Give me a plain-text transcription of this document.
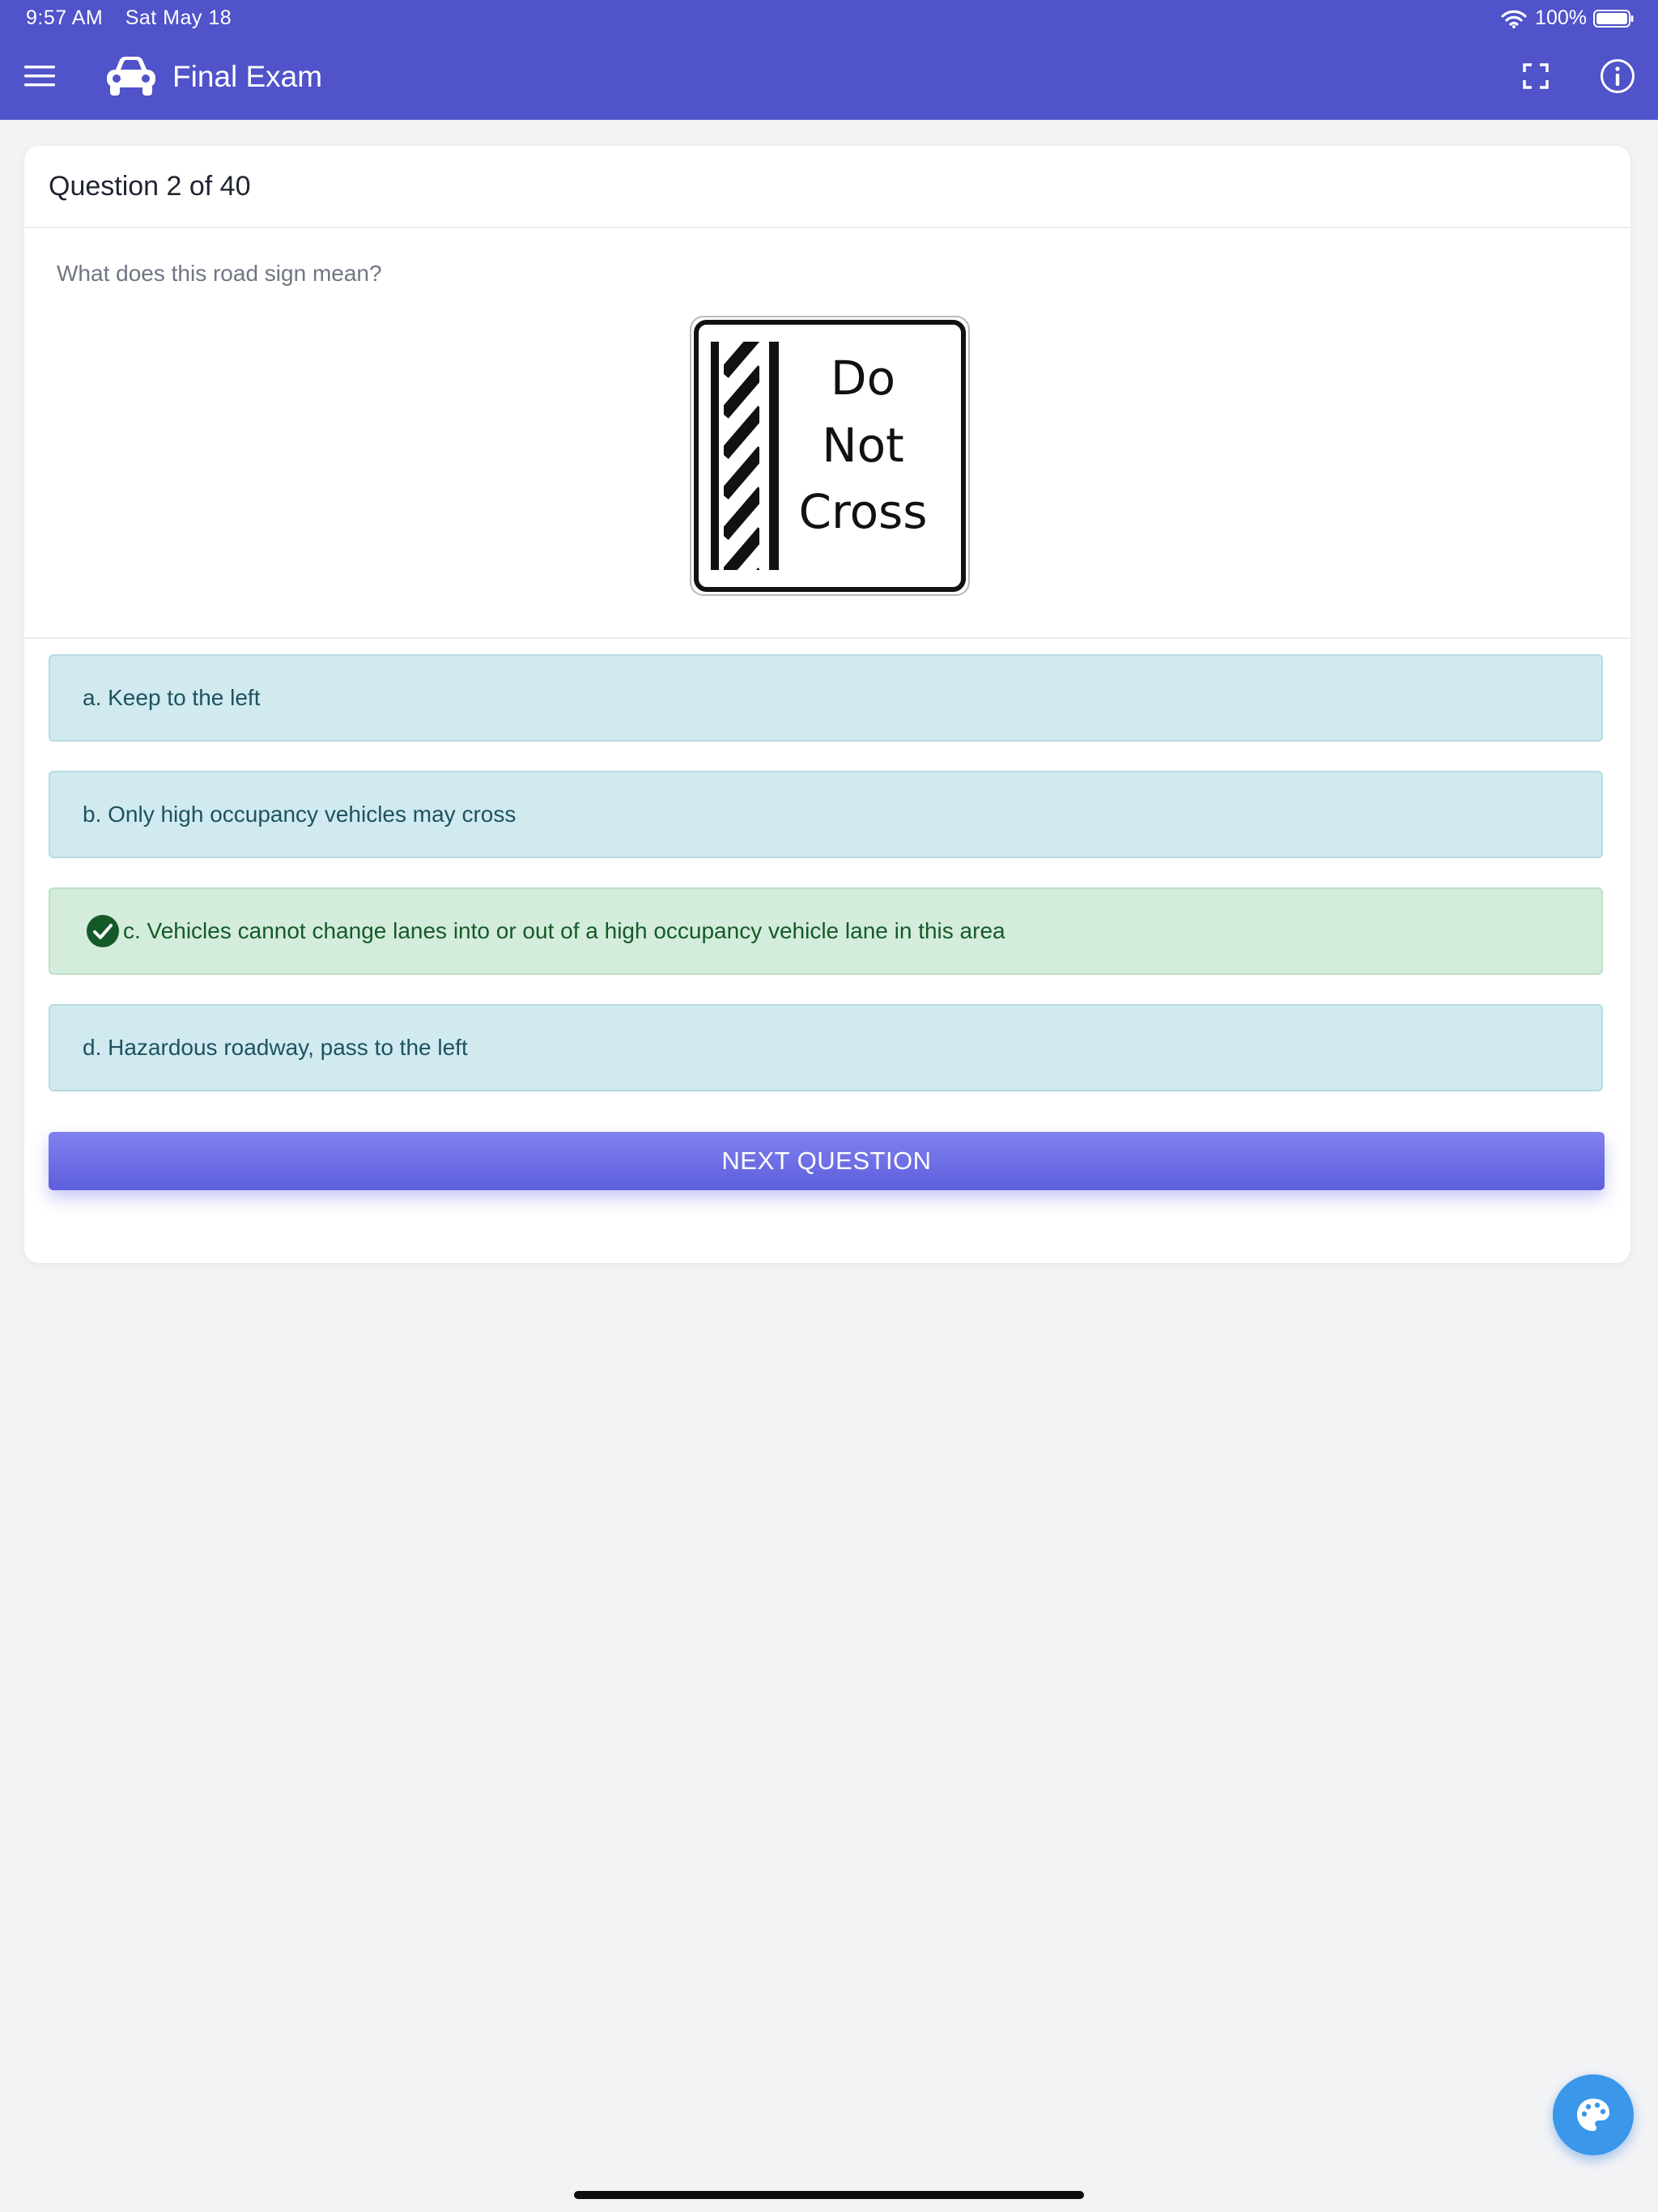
9:57 AM Sat May 18	100%
Final Exam
Question 2 of 40
What does this road sign mean?
Do
Not
Cross
a. Keep to the left
b. Only high occupancy vehicles may cross
c. Vehicles cannot change lanes into or out of a high occupancy vehicle lane in this area
d. Hazardous roadway, pass to the left
NEXT QUESTION
